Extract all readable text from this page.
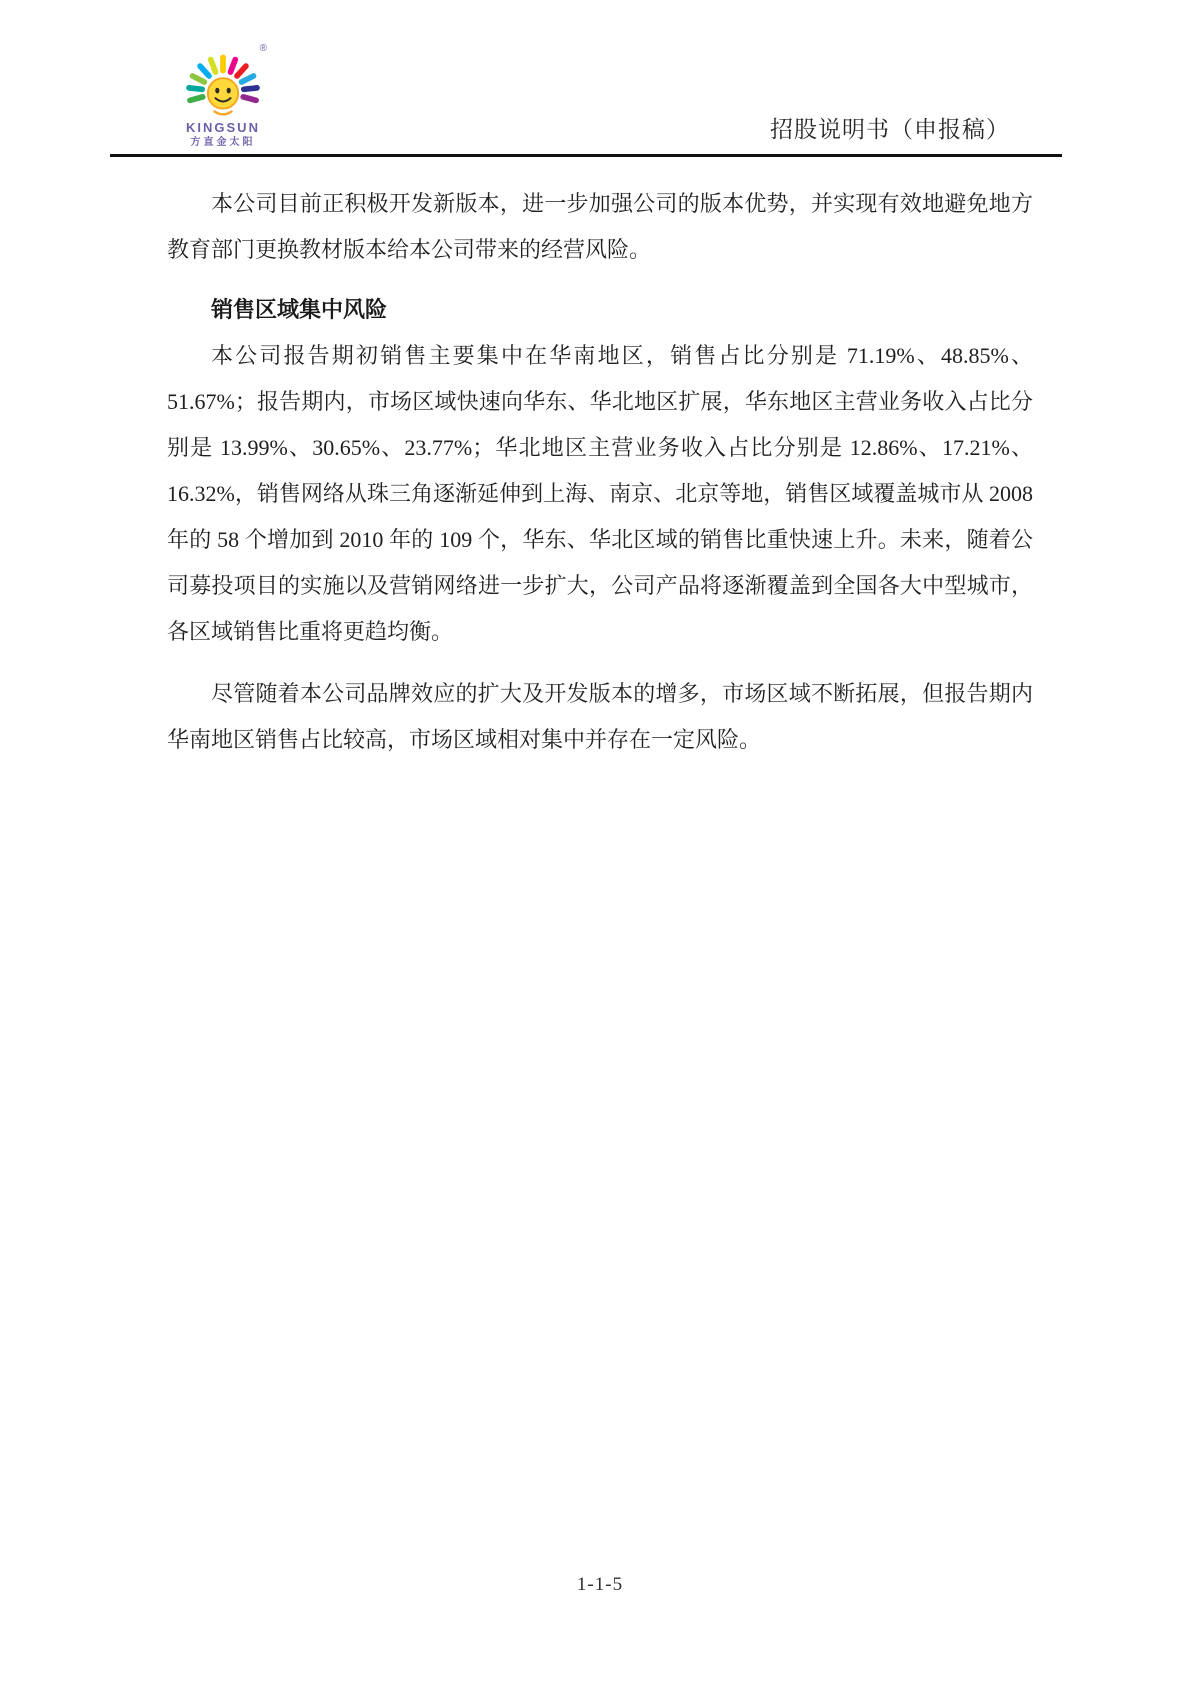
®
KINGSUN
方直金太阳
招股说明书（申报稿）

本公司目前正积极开发新版本，进一步加强公司的版本优势，并实现有效地避免地方教育部门更换教材版本给本公司带来的经营风险。

销售区域集中风险

本公司报告期初销售主要集中在华南地区，销售占比分别是 71.19%、48.85%、51.67%；报告期内，市场区域快速向华东、华北地区扩展，华东地区主营业务收入占比分别是 13.99%、30.65%、23.77%；华北地区主营业务收入占比分别是 12.86%、17.21%、16.32%，销售网络从珠三角逐渐延伸到上海、南京、北京等地，销售区域覆盖城市从 2008 年的 58 个增加到 2010 年的 109 个，华东、华北区域的销售比重快速上升。未来，随着公司募投项目的实施以及营销网络进一步扩大，公司产品将逐渐覆盖到全国各大中型城市，各区域销售比重将更趋均衡。

尽管随着本公司品牌效应的扩大及开发版本的增多，市场区域不断拓展，但报告期内华南地区销售占比较高，市场区域相对集中并存在一定风险。

1-1-5
